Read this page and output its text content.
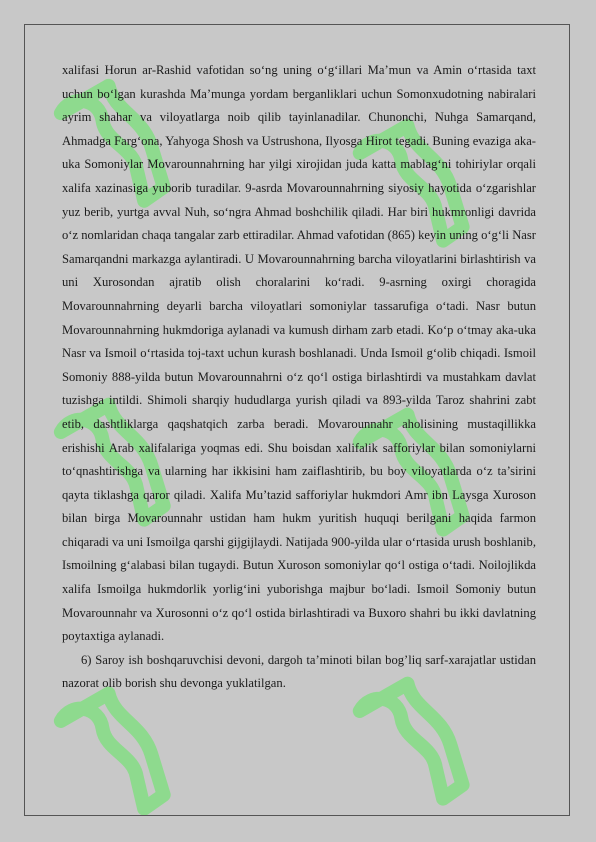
xalifasi Horun ar-Rashid vafotidan so‘ng uning o‘g‘illari Ma’mun va Amin o‘rtasida taxt uchun bo‘lgan kurashda Ma’munga yordam berganliklari uchun Somonxudotning nabiralari ayrim shahar va viloyatlarga noib qilib tayinlanadilar. Chunonchi, Nuhga Samarqand, Ahmadga Farg‘ona, Yahyoga Shosh va Ustrushona, Ilyosga Hirot tegadi. Buning evaziga aka-uka Somoniylar Movarounnahrning har yilgi xirojidan juda katta mablag‘ni tohiriylar orqali xalifa xazinasiga yuborib turadilar. 9-asrda Movarounnahrning siyosiy hayotida o‘zgarishlar yuz berib, yurtga avval Nuh, so‘ngra Ahmad boshchilik qiladi. Har biri hukmronligi davrida o‘z nomlaridan chaqa tangalar zarb ettiradilar. Ahmad vafotidan (865) keyin uning o‘g‘li Nasr Samarqandni markazga aylantiradi. U Movarounnahrning barcha viloyatlarini birlashtirish va uni Xurosondan ajratib olish choralarini ko‘radi. 9-asrning oxirgi choragida Movarounnahrning deyarli barcha viloyatlari somoniylar tassarufiga o‘tadi. Nasr butun Movarounnahrning hukmdoriga aylanadi va kumush dirham zarb etadi. Ko‘p o‘tmay aka-uka Nasr va Ismoil o‘rtasida toj-taxt uchun kurash boshlanadi. Unda Ismoil g‘olib chiqadi. Ismoil Somoniy 888-yilda butun Movarounnahrni o‘z qo‘l ostiga birlashtirdi va mustahkam davlat tuzishga intildi. Shimoli sharqiy hududlarga yurish qiladi va 893-yilda Taroz shahrini zabt etib, dashtliklarga qaqshatqich zarba beradi. Movarounnahr aholisining mustaqillikka erishishi Arab xalifalariga yoqmas edi. Shu boisdan xalifalik safforiylar bilan somoniylarni to‘qnashtirishga va ularning har ikkisini ham zaiflashtirib, bu boy viloyatlarda o‘z ta’sirini qayta tiklashga qaror qiladi. Xalifa Mu’tazid safforiylar hukmdori Amr ibn Laysga Xuroson bilan birga Movarounnahr ustidan ham hukm yuritish huquqi berilgani haqida farmon chiqaradi va uni Ismoilga qarshi gijgijlaydi. Natijada 900-yilda ular o‘rtasida urush boshlanib, Ismoilning g‘alabasi bilan tugaydi. Butun Xuroson somoniylar qo‘l ostiga o‘tadi. Noilojlikda xalifa Ismoilga hukmdorlik yorlig‘ini yuborishga majbur bo‘ladi. Ismoil Somoniy butun Movarounnahr va Xurosonni o‘z qo‘l ostida birlashtiradi va Buxoro shahri bu ikki davlatning poytaxtiga aylanadi.

6) Saroy ish boshqaruvchisi devoni, dargoh ta’minoti bilan bog’liq sarf-xarajatlar ustidan nazorat olib borish shu devonga yuklatilgan.
